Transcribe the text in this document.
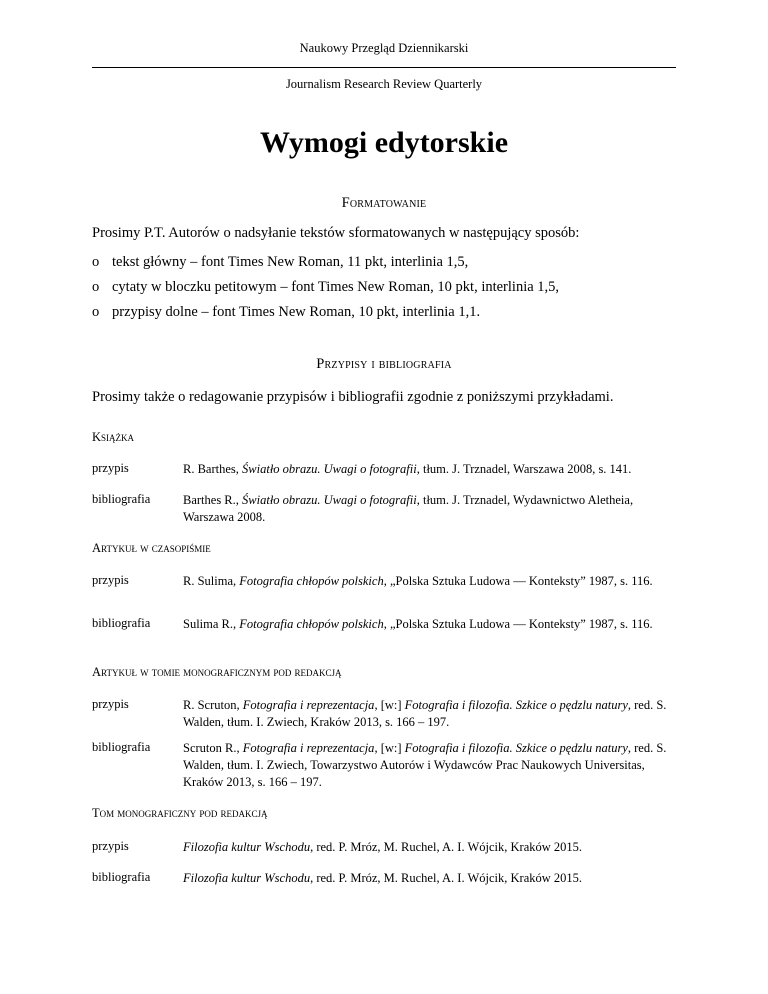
Naukowy Przegląd Dziennikarski
Journalism Research Review Quarterly
Wymogi edytorskie
Formatowanie
Prosimy P.T. Autorów o nadsyłanie tekstów sformatowanych w następujący sposób:
o tekst główny – font Times New Roman, 11 pkt, interlinia 1,5,
o cytaty w bloczku petitowym – font Times New Roman, 10 pkt, interlinia 1,5,
o przypisy dolne – font Times New Roman, 10 pkt, interlinia 1,1.
Przypisy i bibliografia
Prosimy także o redagowanie przypisów i bibliografii zgodnie z poniższymi przykładami.
Książka
przypis	R. Barthes, Światło obrazu. Uwagi o fotografii, tłum. J. Trznadel, Warszawa 2008, s. 141.
bibliografia	Barthes R., Światło obrazu. Uwagi o fotografii, tłum. J. Trznadel, Wydawnictwo Aletheia, Warszawa 2008.
Artykuł w czasopiśmie
przypis	R. Sulima, Fotografia chłopów polskich, „Polska Sztuka Ludowa — Konteksty” 1987, s. 116.
bibliografia	Sulima R., Fotografia chłopów polskich, „Polska Sztuka Ludowa — Konteksty” 1987, s. 116.
Artykuł w tomie monograficznym pod redakcją
przypis	R. Scruton, Fotografia i reprezentacja, [w:] Fotografia i filozofia. Szkice o pędzlu natury, red. S. Walden, tłum. I. Zwiech, Kraków 2013, s. 166 – 197.
bibliografia	Scruton R., Fotografia i reprezentacja, [w:] Fotografia i filozofia. Szkice o pędzlu natury, red. S. Walden, tłum. I. Zwiech, Towarzystwo Autorów i Wydawców Prac Naukowych Universitas, Kraków 2013, s. 166 – 197.
Tom monograficzny pod redakcją
przypis	Filozofia kultur Wschodu, red. P. Mróz, M. Ruchel, A. I. Wójcik, Kraków 2015.
bibliografia	Filozofia kultur Wschodu, red. P. Mróz, M. Ruchel, A. I. Wójcik, Kraków 2015.
